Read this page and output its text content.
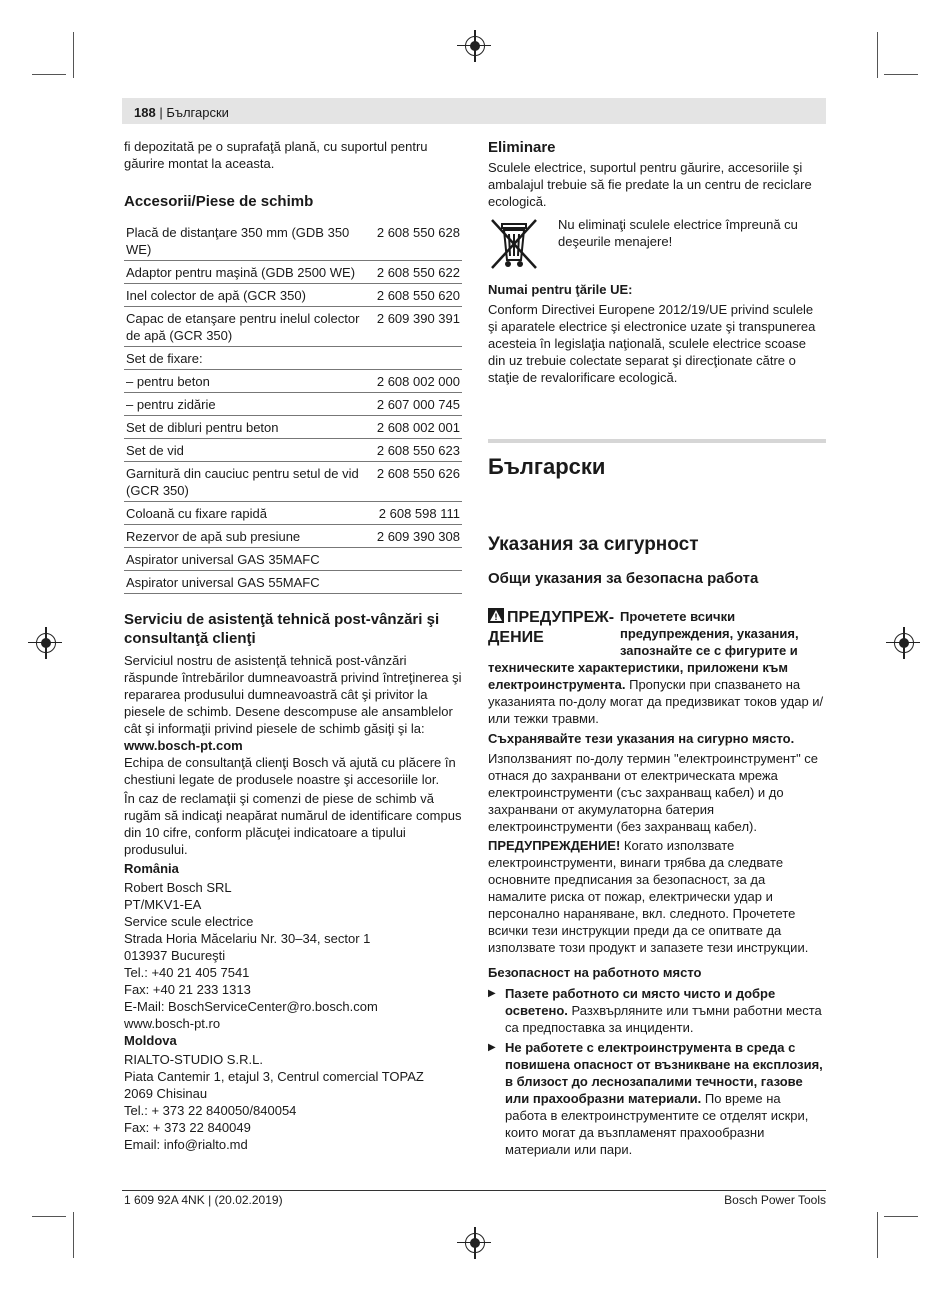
188 | Български

fi depozitată pe o suprafaţă plană, cu suportul pentru găurire montat la aceasta.

Accesorii/Piese de schimb

Placă de distanţare 350 mm (GDB 350 WE)	2 608 550 628
Adaptor pentru maşină (GDB 2500 WE)	2 608 550 622
Inel colector de apă (GCR 350)	2 608 550 620
Capac de etanşare pentru inelul colector de apă (GCR 350)	2 609 390 391
Set de fixare:	
– pentru beton	2 608 002 000
– pentru zidărie	2 607 000 745
Set de dibluri pentru beton	2 608 002 001
Set de vid	2 608 550 623
Garnitură din cauciuc pentru setul de vid (GCR 350)	2 608 550 626
Coloană cu fixare rapidă	2 608 598 111
Rezervor de apă sub presiune	2 609 390 308
Aspirator universal GAS 35MAFC	
Aspirator universal GAS 55MAFC	

Serviciu de asistenţă tehnică post-vânzări şi consultanţă clienţi

Serviciul nostru de asistenţă tehnică post-vânzări răspunde întrebărilor dumneavoastră privind întreţinerea şi repararea produsului dumneavoastră cât şi privitor la piesele de schimb. Desene descompuse ale ansamblelor cât şi informaţii privind piesele de schimb găsiţi şi la:

www.bosch-pt.com

Echipa de consultanţă clienţi Bosch vă ajută cu plăcere în chestiuni legate de produsele noastre şi accesoriile lor.

În caz de reclamaţii şi comenzi de piese de schimb vă rugăm să indicaţi neapărat numărul de identificare compus din 10 cifre, conform plăcuţei indicatoare a tipului produsului.

România

Robert Bosch SRL

PT/MKV1-EA

Service scule electrice

Strada Horia Măcelariu Nr. 30–34, sector 1

013937 Bucureşti

Tel.: +40 21 405 7541

Fax: +40 21 233 1313

E-Mail: BoschServiceCenter@ro.bosch.com

www.bosch-pt.ro

Moldova

RIALTO-STUDIO S.R.L.

Piata Cantemir 1, etajul 3, Centrul comercial TOPAZ

2069 Chisinau

Tel.: + 373 22 840050/840054

Fax: + 373 22 840049

Email: info@rialto.md

Eliminare

Sculele electrice, suportul pentru găurire, accesoriile şi ambalajul trebuie să fie predate la un centru de reciclare ecologică.

Nu eliminaţi sculele electrice împreună cu deşeurile menajere!

Numai pentru ţările UE:

Conform Directivei Europene 2012/19/UE privind sculele şi aparatele electrice şi electronice uzate şi transpunerea acesteia în legislaţia naţională, sculele electrice scoase din uz trebuie colectate separat şi direcţionate către o staţie de revalorificare ecologică.

Български

Указания за сигурност

Общи указания за безопасна работа

ПРЕДУПРЕЖ-ДЕНИЕ

Прочетете всички предупреждения, указания, запознайте се с фигурите и техническите характеристики, приложени към електроинструмента. Пропуски при спазването на указанията по-долу могат да предизвикат токов удар и/или тежки травми.

Съхранявайте тези указания на сигурно място.

Използваният по-долу термин "електроинструмент" се отнася до захранвани от електрическата мрежа електроинструменти (със захранващ кабел) и до захранвани от акумулаторна батерия електроинструменти (без захранващ кабел).

ПРЕДУПРЕЖДЕНИЕ! Когато използвате електроинструменти, винаги трябва да следвате основните предписания за безопасност, за да намалите риска от пожар, електрически удар и персонално нараняване, вкл. следното. Прочетете всички тези инструкции преди да се опитвате да използвате този продукт и запазете тези инструкции.

Безопасност на работното място

▶ Пазете работното си място чисто и добре осветено. Разхвърляните или тъмни работни места са предпоставка за инциденти.
▶ Не работете с електроинструмента в среда с повишена опасност от възникване на експлозия, в близост до леснозапалими течности, газове или прахообразни материали. По време на работа в електроинструментите се отделят искри, които могат да възпламенят прахообразни материали или пари.
1 609 92A 4NK | (20.02.2019)	Bosch Power Tools
